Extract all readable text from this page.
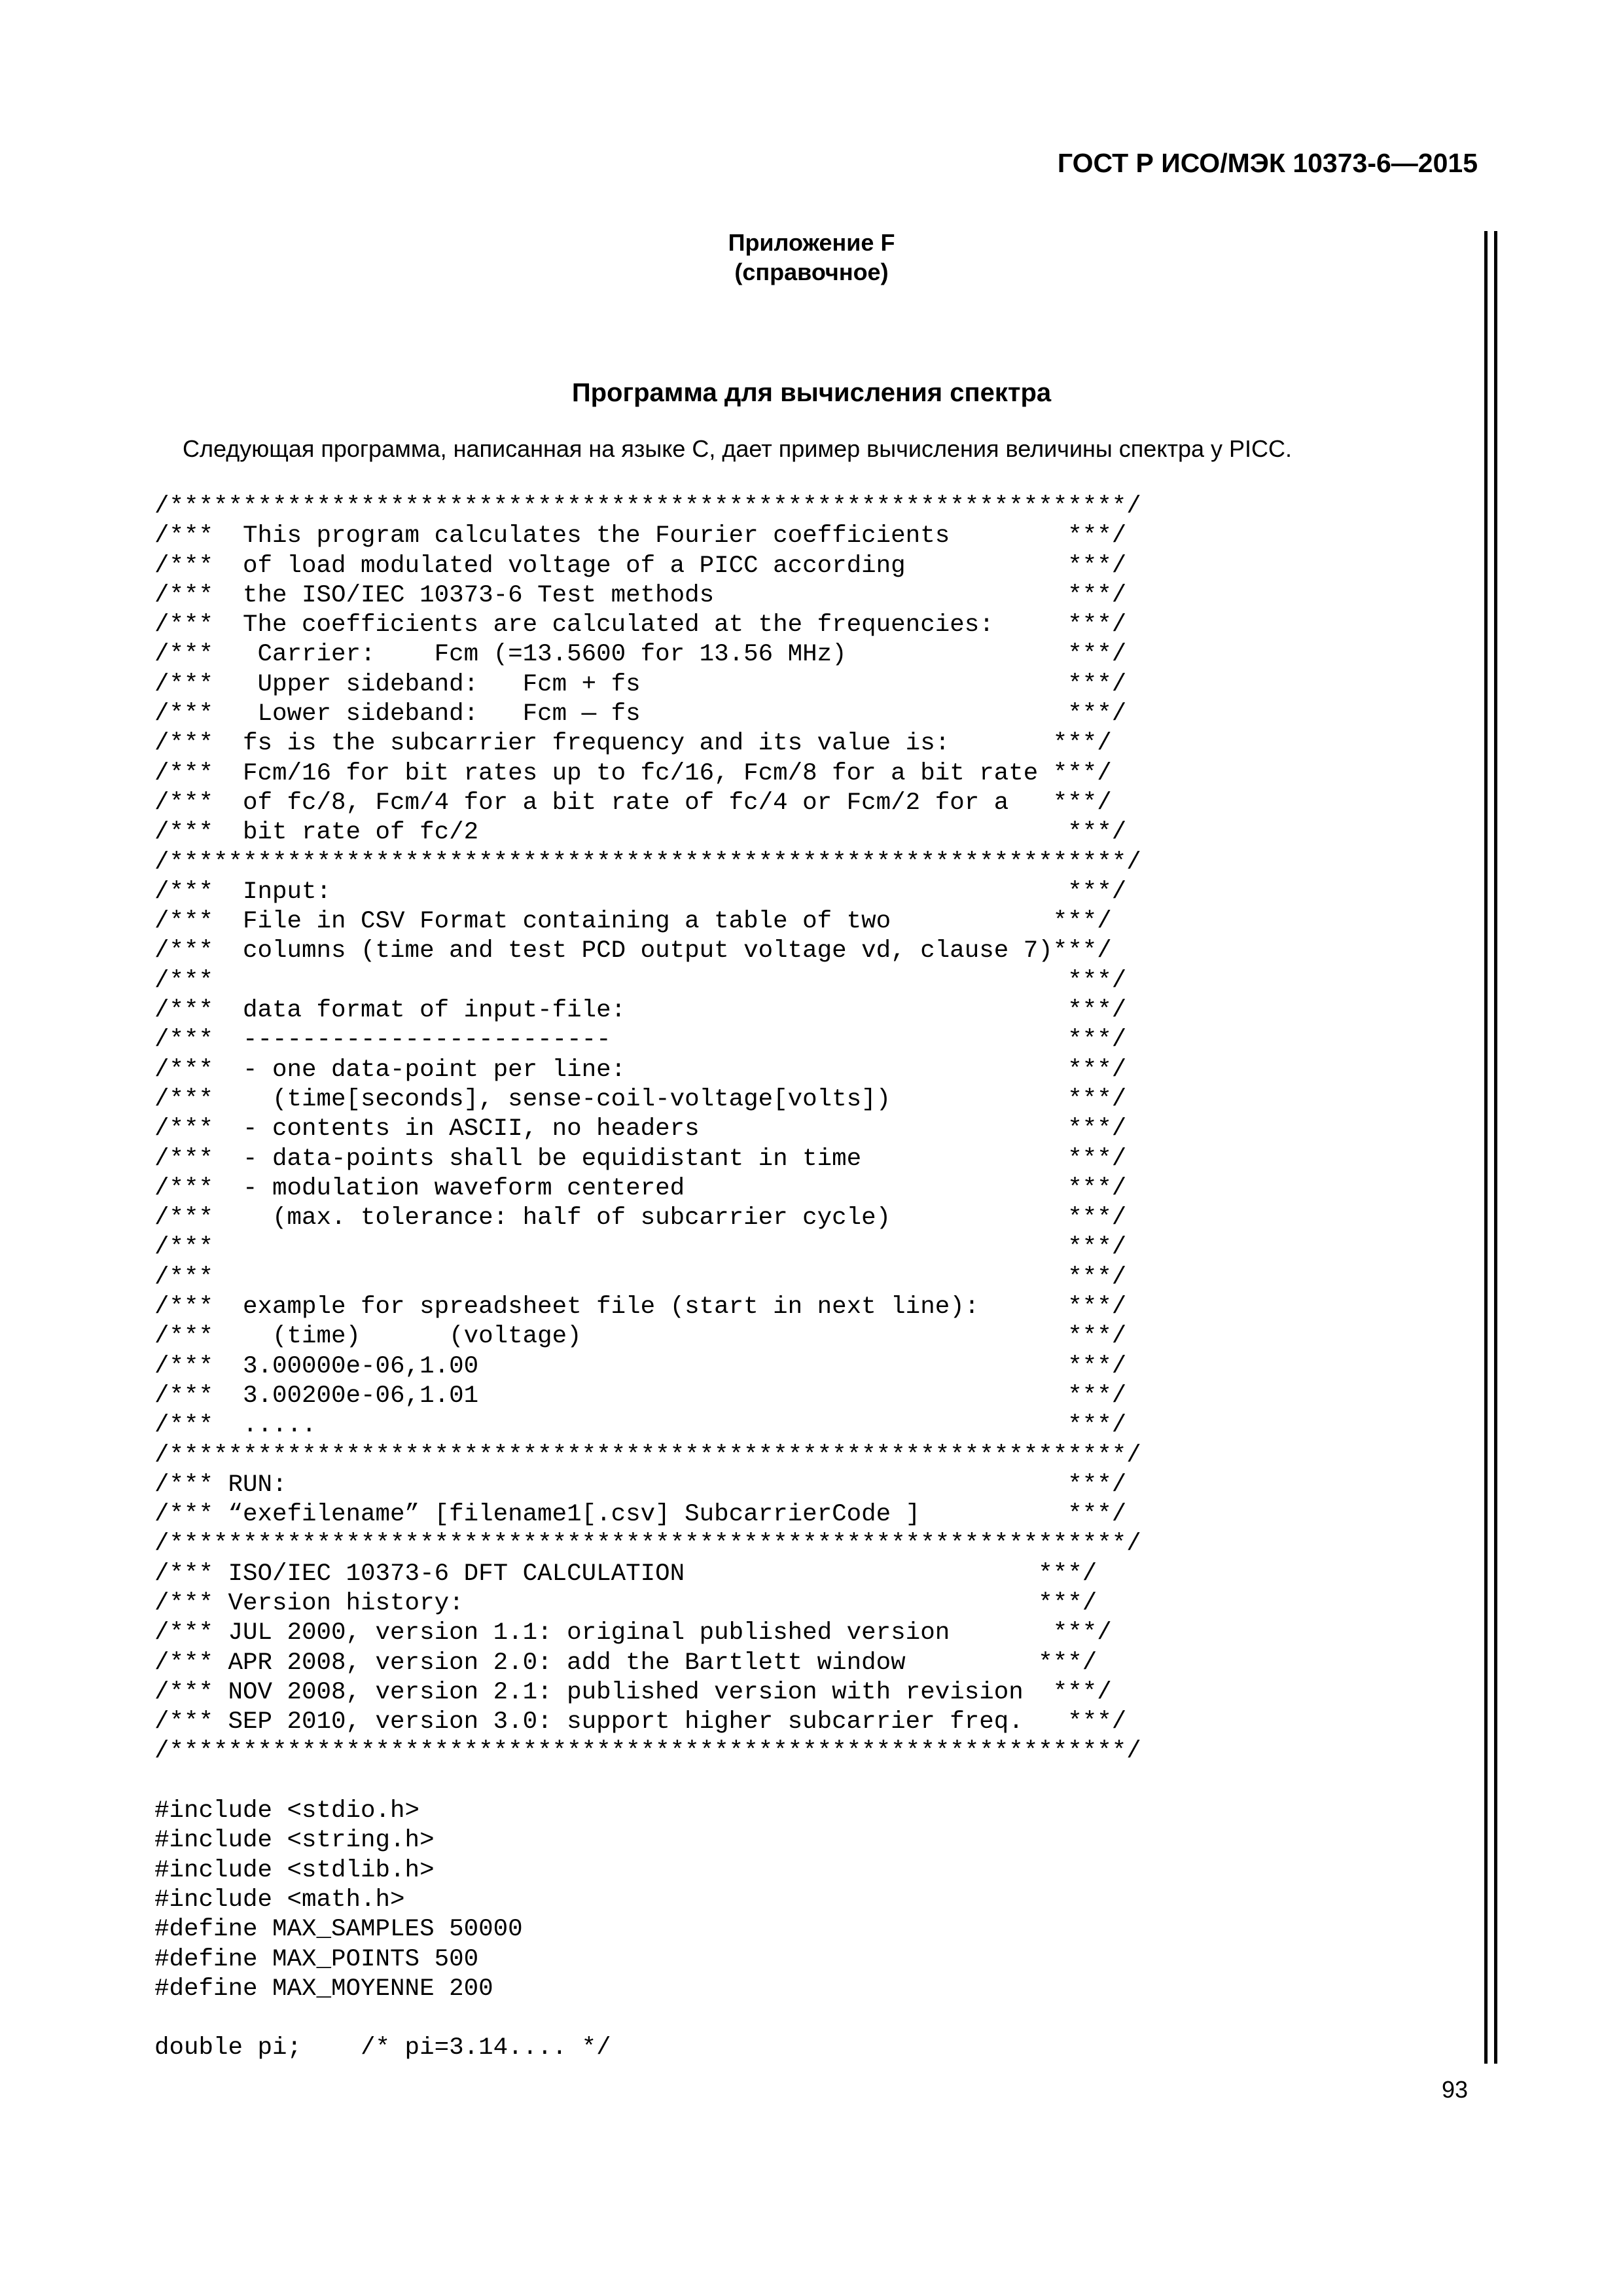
ГОСТ Р ИСО/МЭК 10373-6—2015
Приложение F
(справочное)
Программа для вычисления спектра
Следующая программа, написанная на языке С, дает пример вычисления величины спектра у PICC.
/*****************************************************************/
/***  This program calculates the Fourier coefficients        ***/
/***  of load modulated voltage of a PICC according           ***/
/***  the ISO/IEC 10373-6 Test methods                        ***/
/***  The coefficients are calculated at the frequencies:     ***/
/***   Carrier:    Fcm (=13.5600 for 13.56 MHz)               ***/
/***   Upper sideband:   Fcm + fs                             ***/
/***   Lower sideband:   Fcm — fs                             ***/
/***  fs is the subcarrier frequency and its value is:       ***/
/***  Fcm/16 for bit rates up to fc/16, Fcm/8 for a bit rate ***/
/***  of fc/8, Fcm/4 for a bit rate of fc/4 or Fcm/2 for a   ***/
/***  bit rate of fc/2                                        ***/
/*****************************************************************/
/***  Input:                                                  ***/
/***  File in CSV Format containing a table of two           ***/
/***  columns (time and test PCD output voltage vd, clause 7)***/
/***                                                          ***/
/***  data format of input-file:                              ***/
/***  -------------------------                               ***/
/***  - one data-point per line:                              ***/
/***    (time[seconds], sense-coil-voltage[volts])            ***/
/***  - contents in ASCII, no headers                         ***/
/***  - data-points shall be equidistant in time              ***/
/***  - modulation waveform centered                          ***/
/***    (max. tolerance: half of subcarrier cycle)            ***/
/***                                                          ***/
/***                                                          ***/
/***  example for spreadsheet file (start in next line):      ***/
/***    (time)      (voltage)                                 ***/
/***  3.00000e-06,1.00                                        ***/
/***  3.00200e-06,1.01                                        ***/
/***  .....                                                   ***/
/*****************************************************************/
/*** RUN:                                                     ***/
/*** “exefilename” [filename1[.csv] SubcarrierCode ]          ***/
/*****************************************************************/
/*** ISO/IEC 10373-6 DFT CALCULATION                        ***/
/*** Version history:                                       ***/
/*** JUL 2000, version 1.1: original published version       ***/
/*** APR 2008, version 2.0: add the Bartlett window         ***/
/*** NOV 2008, version 2.1: published version with revision  ***/
/*** SEP 2010, version 3.0: support higher subcarrier freq.   ***/
/*****************************************************************/
#include <stdio.h>
#include <string.h>
#include <stdlib.h>
#include <math.h>
#define MAX_SAMPLES 50000
#define MAX_POINTS 500
#define MAX_MOYENNE 200
double pi;    /* pi=3.14.... */
93
